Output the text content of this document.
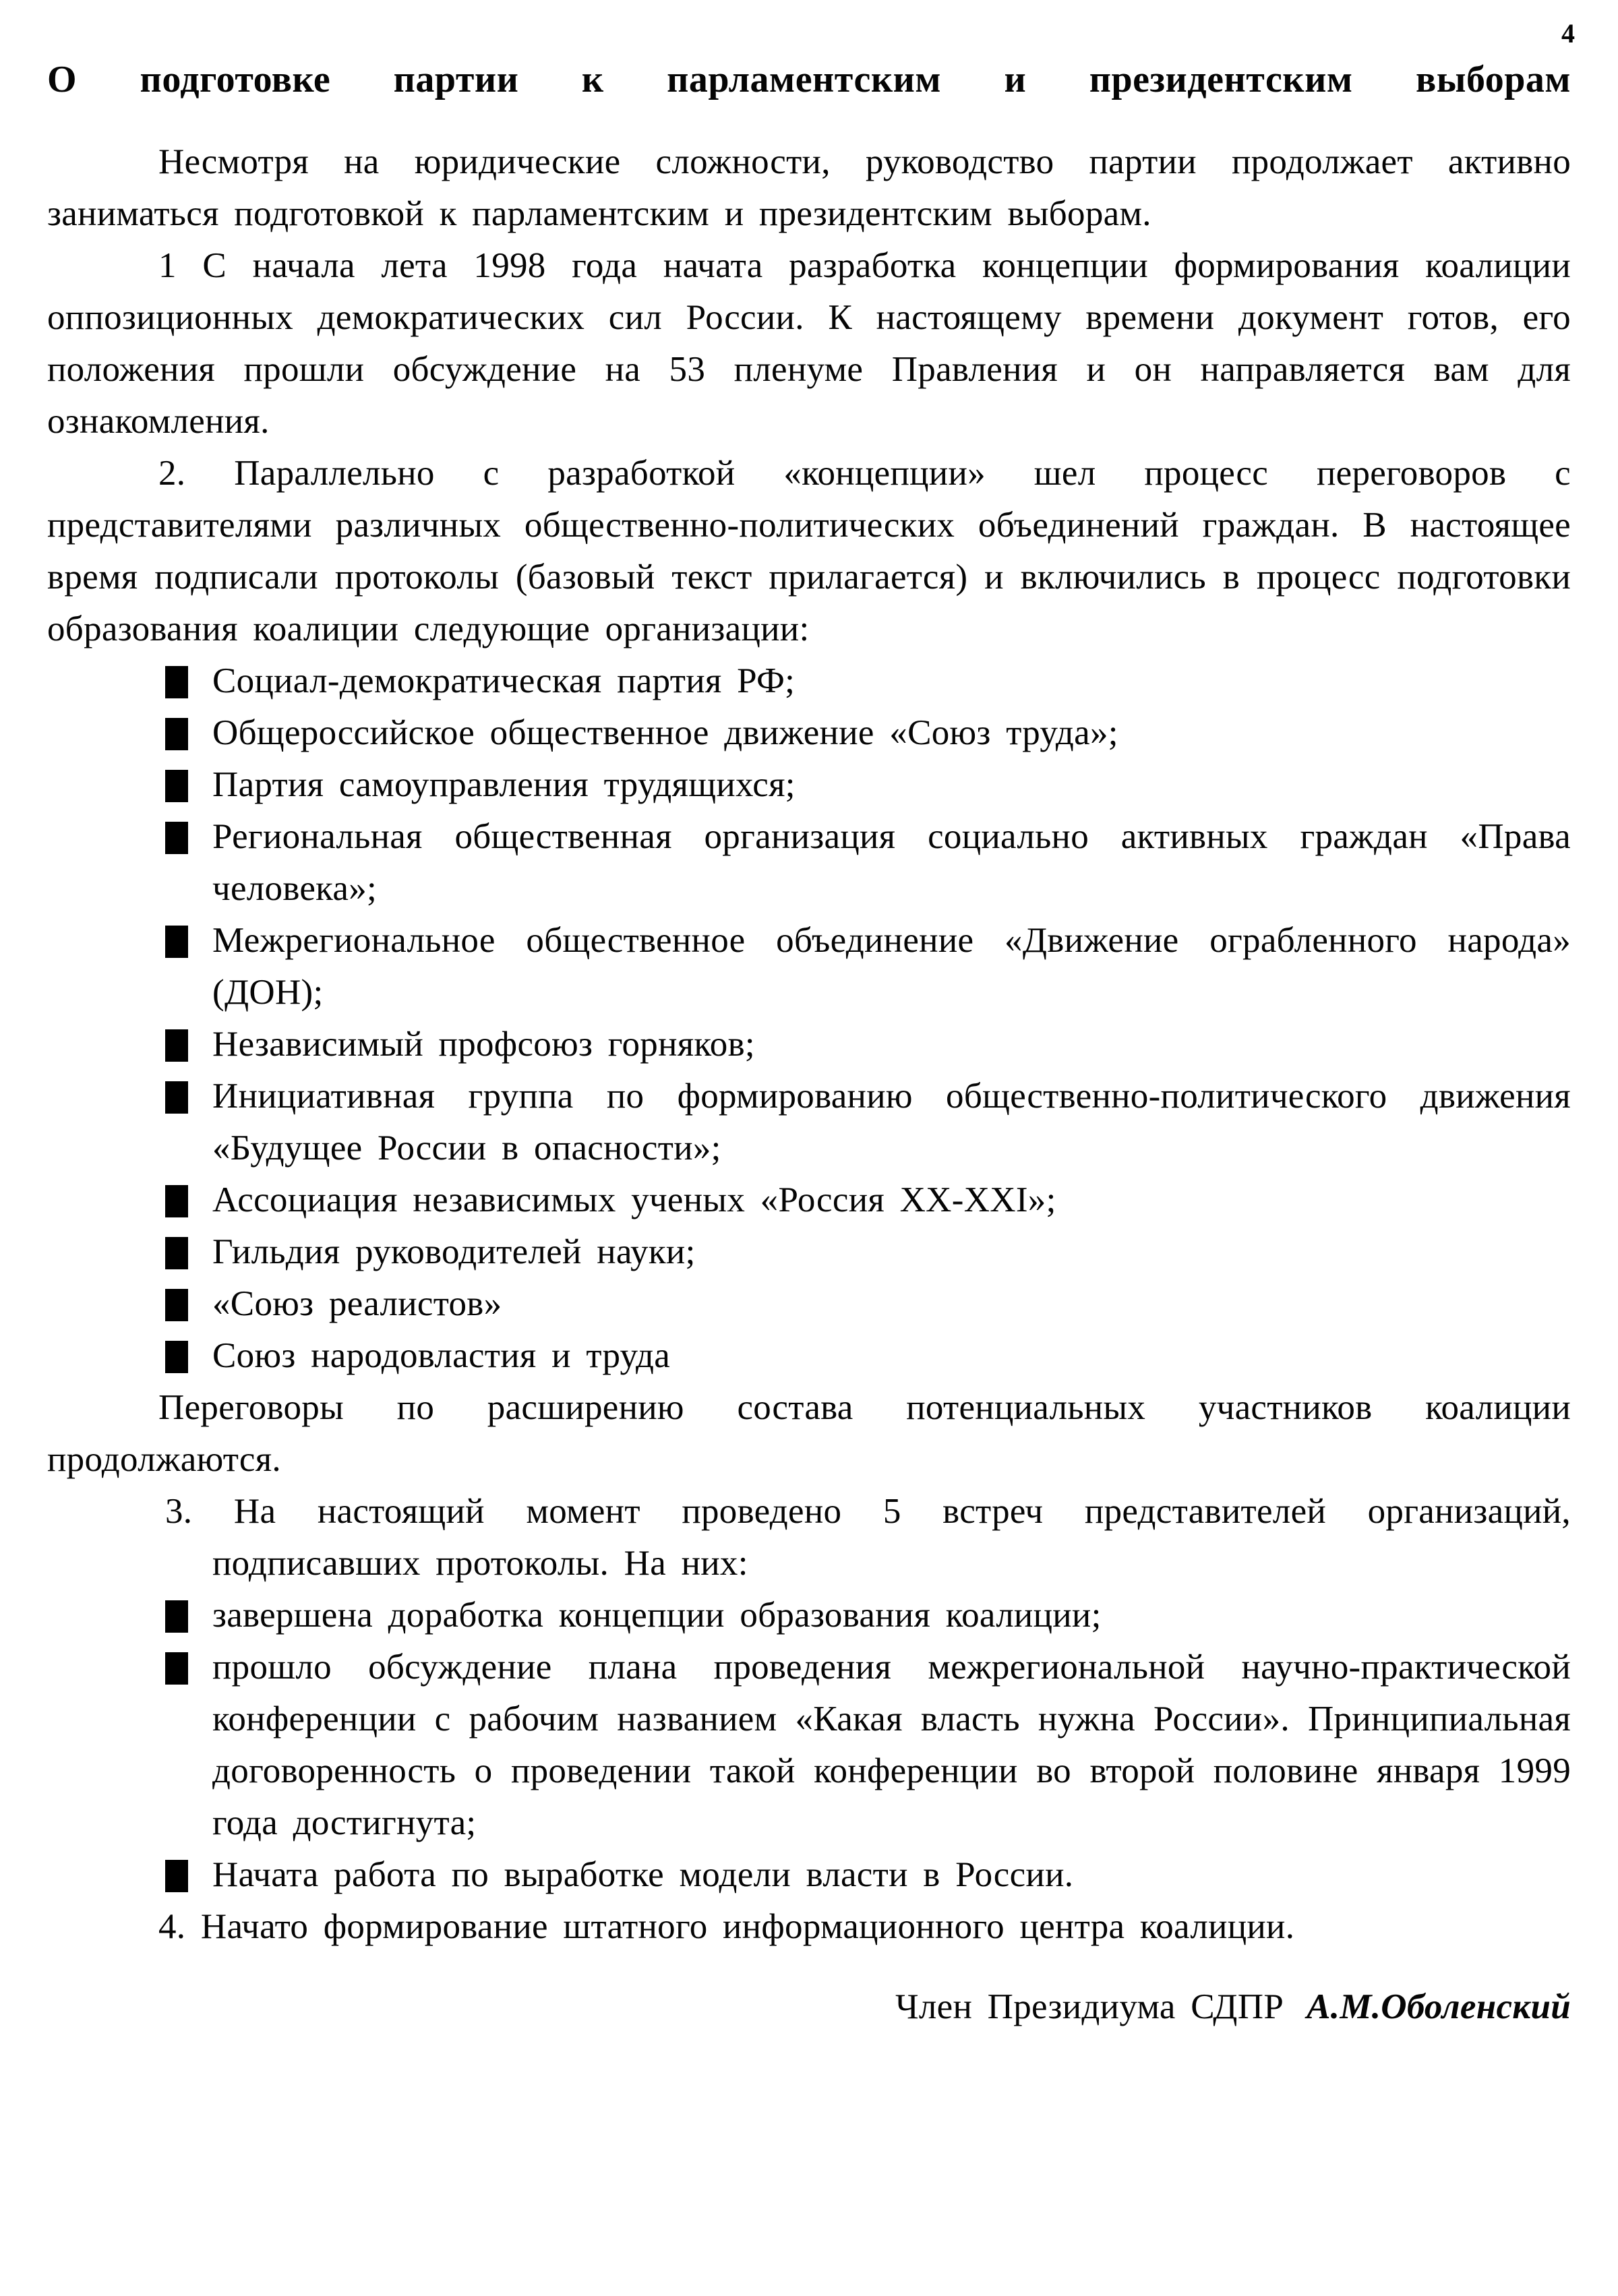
4
О подготовке партии к парламентским и президентским выборам

Несмотря на юридические сложности, руководство партии продолжает активно заниматься подготовкой к парламентским и президентским выборам.

1 С начала лета 1998 года начата разработка концепции формирования коалиции оппозиционных демократических сил России. К настоящему времени документ готов, его положения прошли обсуждение на 53 пленуме Правления и он направляется вам для ознакомления.

2. Параллельно с разработкой «концепции» шел процесс переговоров с представителями различных общественно-политических объединений граждан. В настоящее время подписали протоколы (базовый текст прилагается) и включились в процесс подготовки образования коалиции следующие организации:

Социал-демократическая партия РФ;
Общероссийское общественное движение «Союз труда»;
Партия самоуправления трудящихся;
Региональная общественная организация социально активных граждан «Права человека»;
Межрегиональное общественное объединение «Движение ограбленного народа» (ДОН);
Независимый профсоюз горняков;
Инициативная группа по формированию общественно-политического движения «Будущее России в опасности»;
Ассоциация независимых ученых «Россия XX-XXI»;
Гильдия руководителей науки;
«Союз реалистов»
Союз народовластия и труда

Переговоры по расширению состава потенциальных участников коалиции продолжаются.

3. На настоящий момент проведено 5 встреч представителей организаций, подписавших протоколы. На них:
завершена доработка концепции образования коалиции;
прошло обсуждение плана проведения межрегиональной научно-практической конференции с рабочим названием «Какая власть нужна России». Принципиальная договоренность о проведении такой конференции во второй половине января 1999 года достигнута;
Начата работа по выработке модели власти в России.

4. Начато формирование штатного информационного центра коалиции.

Член Президиума СДПР А.М.Оболенский
